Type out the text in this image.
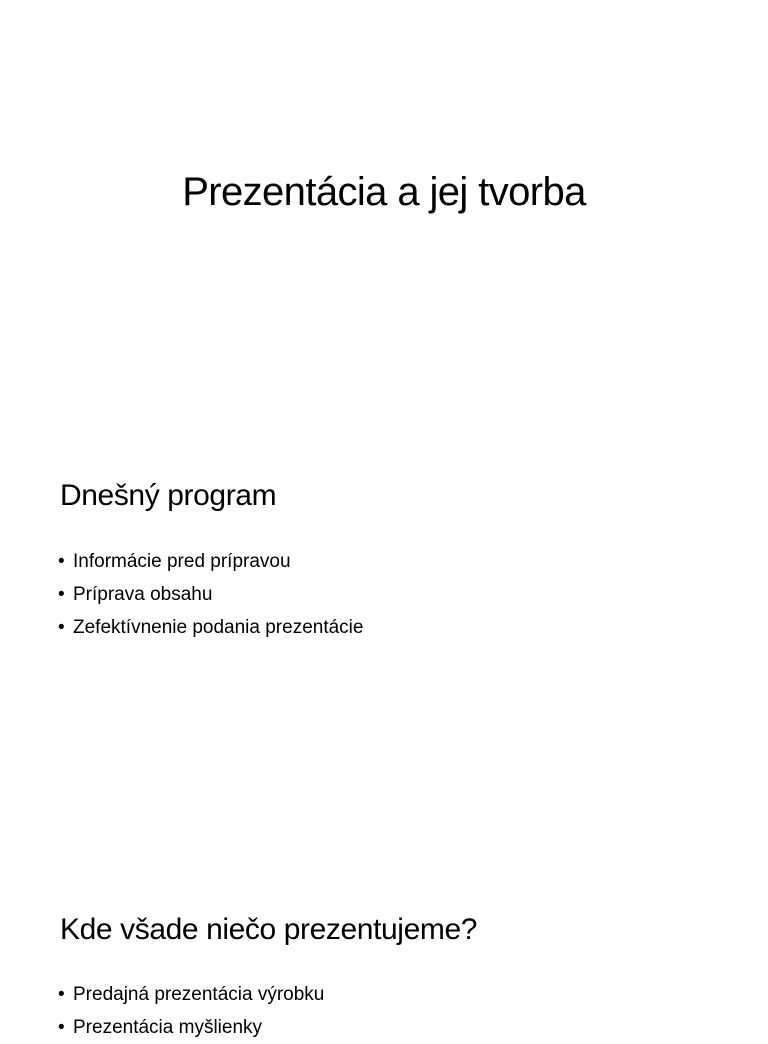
Prezentácia a jej tvorba
Dnešný program
• Informácie pred prípravou
• Príprava obsahu
• Zefektívnenie podania prezentácie
Kde všade niečo prezentujeme?
• Predajná prezentácia výrobku
• Prezentácia myšlienky
